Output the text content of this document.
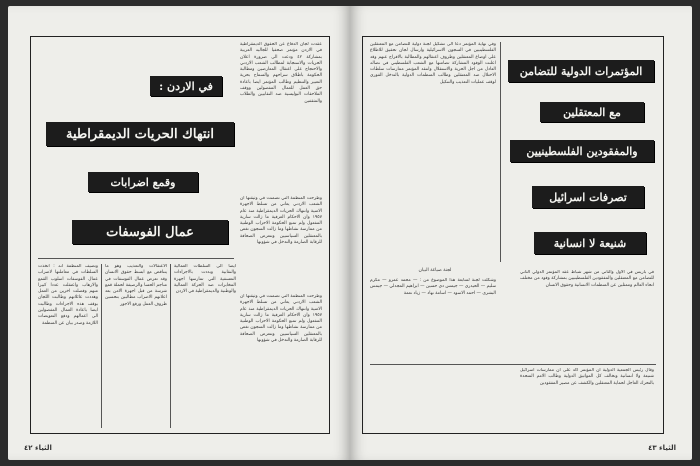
عقدت لجان الدفاع عن الحقوق الديمقراطية في الاردن مؤتمر صحفيا للجاليه العربية بمشاركة ٤٢ ودعت الى ضرورة اعلان الحريات والاستجابة لمطالب الشعب الاردني والاحتجاج على اعتقال المعارضين ومطالبة الحكومة باطلاق سراحهم والسماح بحرية التعبير والتنظيم وطالب المؤتمر ايضا باعادة حق العمل للعمال المفصولين ووقف الملاحقات البوليسية ضد النقابيين والطلاب والمثقفين
في الاردن :
انتهاك الحريات الديمقراطية
وقمع اضرابات
عمال الفوسفات
وطرحت المنظمة التي تضمنت في وثيقتها ان الشعب الاردني يعاني من تسلط الاجهزة الامنية وانتهاك الحريات الديمقراطية منذ عام ١٩٥٧ وان الاحكام العرفية ما زالت سارية المفعول ولم تمنع الحكومة الاحزاب الوطنية من ممارسة نشاطها وما زالت السجون تغص بالمعتقلين السياسيين وتتعرض الصحافة للرقابة الصارمة والتدخل في شؤونها
وتضيف المنظمة انه : اتخذت السلطات في معاملتها لاضراب عمال الفوسفات اسلوب القمع والارهاب واعتقلت عددا كبيرا منهم وفصلت اخرين من العمل وهددت عائلاتهم وطالبت اللجان بوقف هذه الاجراءات وطالبت ايضا باعادة العمال المفصولين الى اعمالهم ودفع التعويضات اللازمة وصدر بيان عن المنظمة
الاعتقالات والتعذيب وهو ما يتناقض مع ابسط حقوق الانسان وقد تعرض عمال الفوسفات في مناجم الحسا والرصيفة لحملة قمع شرسة من قبل اجهزة الامن بعد اعلانهم الاضراب مطالبين بتحسين ظروف العمل ورفع الاجور
ايضا الى السلطات العمالية والنقابية ونددت بالاجراءات التعسفية التي تمارسها اجهزة المخابرات ضد الحركة العمالية والوطنية والديمقراطية في الاردن
وطرحت المنظمة التي تضمنت في وثيقتها ان الشعب الاردني يعاني من تسلط الاجهزة الامنية وانتهاك الحريات الديمقراطية منذ عام ١٩٥٧ وان الاحكام العرفية ما زالت سارية المفعول ولم تمنع الحكومة الاحزاب الوطنية من ممارسة نشاطها وما زالت السجون تغص بالمعتقلين السياسيين وتتعرض الصحافة للرقابة الصارمة والتدخل في شؤونها
الثياء ٤٢
وفي نهاية المؤتمر دعا الى تشكيل لجنة دولية للتضامن مع المعتقلين الفلسطينيين في السجون الاسرائيلية وارسال لجان تحقيق للاطلاع على اوضاع المعتقلين وظروف اعتقالهم والمطالبة بالافراج عنهم وقد اعلنت الوفود المشاركة تضامنها مع الشعب الفلسطيني في نضاله العادل من اجل الحرية والاستقلال وانتقد المؤتمر ممارسات سلطات الاحتلال ضد المعتقلين وطالب المنظمات الدولية بالتدخل الفوري لوقف عمليات التعذيب والتنكيل
لجنة صياغة البيان
وشكلت لجنة لمتابعة هذا الموضوع من : — محمد عمرو — مكرم سليم — الحيدري — جيمس دي حسين — ابراهيم المجدلي — جيمس البشرى — احمد الاسود — اسامة نهاد — زياد نعمة
المؤتمرات الدولية للتضامن
مع المعتقلين
والمفقودين الفلسطينيين
تصرفات اسرائيل
شنيعة لا انسانية
في باريس في الاول والثاني من شهر شباط عقد المؤتمر الدولي الثاني للتضامن مع المعتقلين والمفقودين الفلسطينيين بمشاركة وفود من مختلف انحاء العالم وممثلين عن المنظمات الانسانية وحقوق الانسان
وقال رئيس الجمعية الدولية ان المؤتمر اكد على ان ممارسات اسرائيل شنيعة ولا انسانية وتخالف كل المواثيق الدولية وطالب الامم المتحدة بالتحرك العاجل لحماية المعتقلين والكشف عن مصير المفقودين
الثياء ٤٣
